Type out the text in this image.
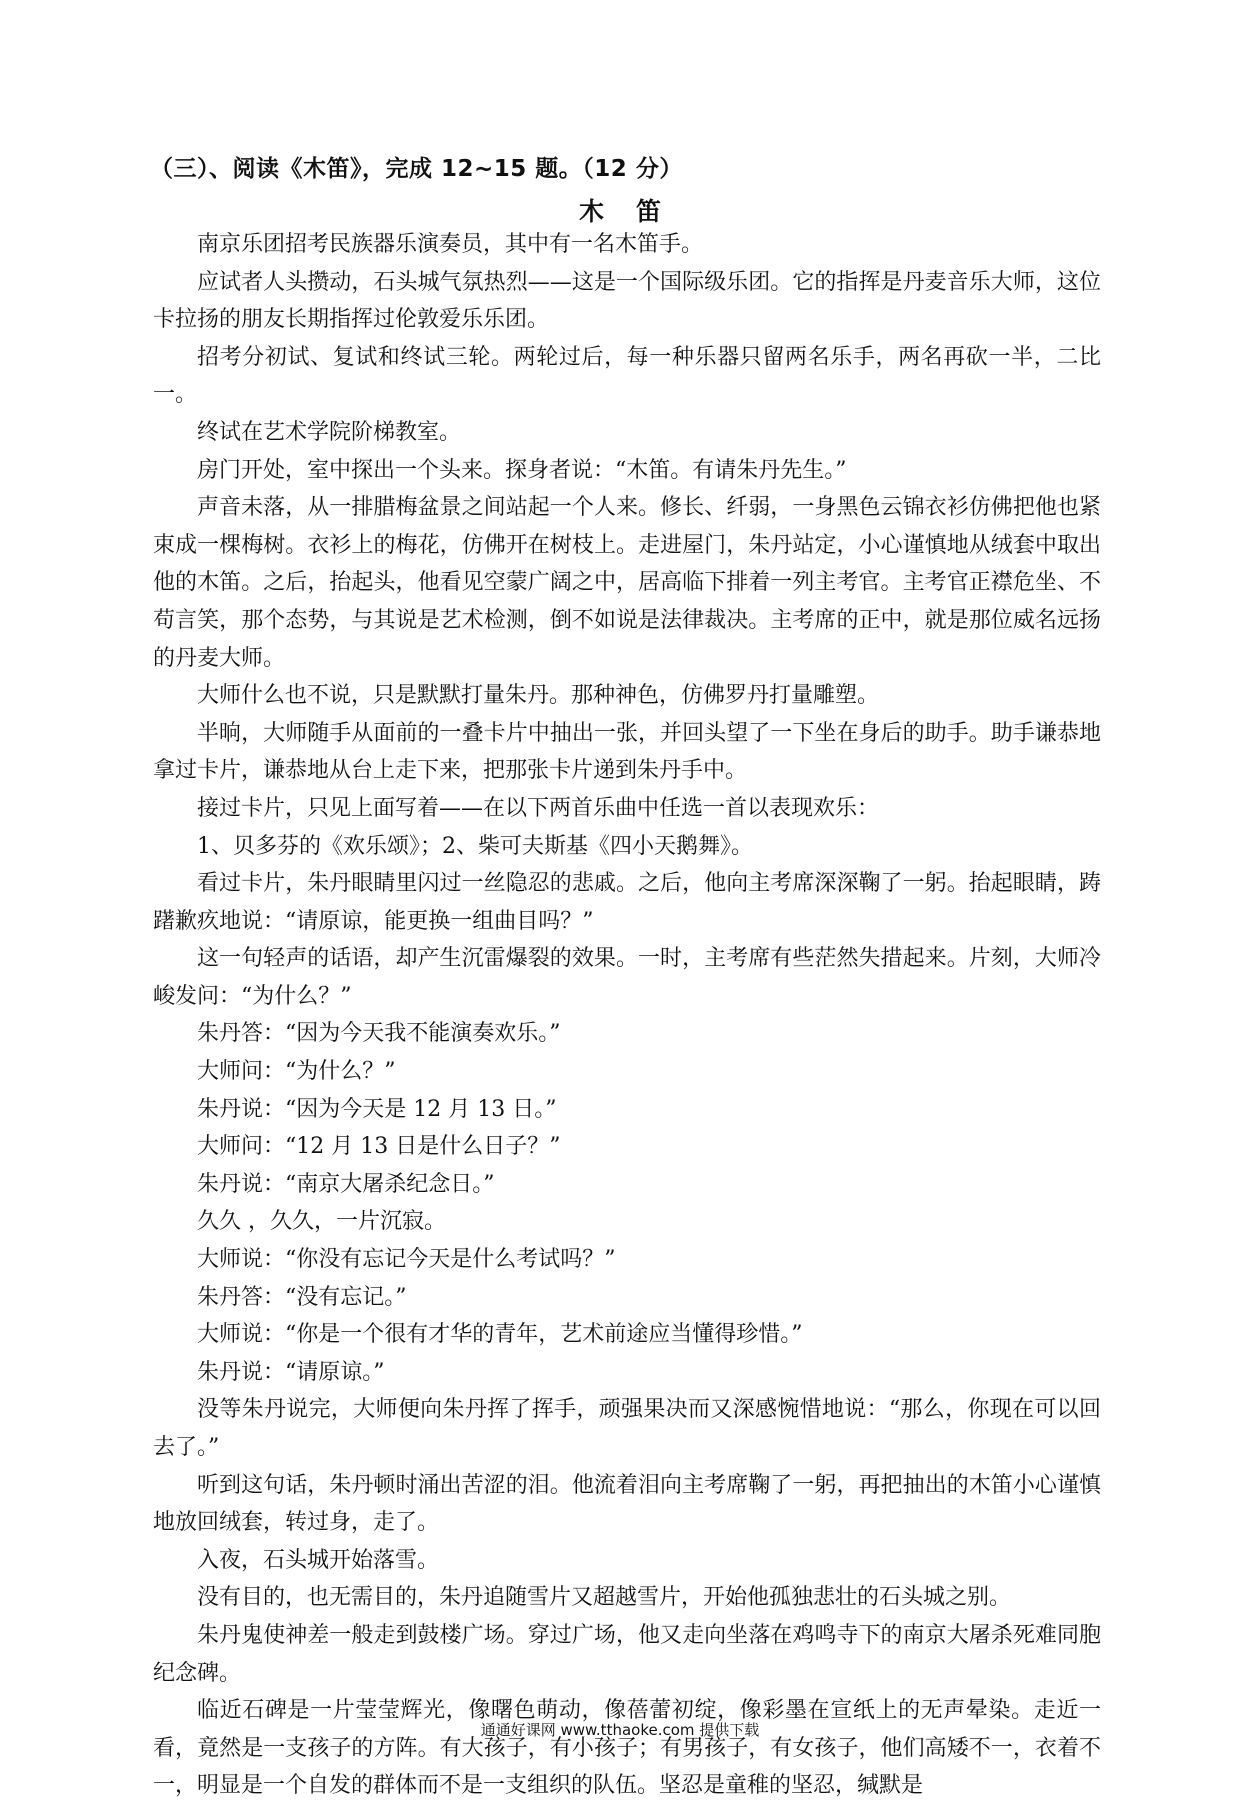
（三）、阅读《木笛》，完成 12~15 题。（12 分）
木笛

南京乐团招考民族器乐演奏员，其中有一名木笛手。

应试者人头攒动，石头城气氛热烈——这是一个国际级乐团。它的指挥是丹麦音乐大师，这位卡拉扬的朋友长期指挥过伦敦爱乐乐团。

招考分初试、复试和终试三轮。两轮过后，每一种乐器只留两名乐手，两名再砍一半，二比一。

终试在艺术学院阶梯教室。

房门开处，室中探出一个头来。探身者说：“木笛。有请朱丹先生。”

声音未落，从一排腊梅盆景之间站起一个人来。修长、纤弱，一身黑色云锦衣衫仿佛把他也紧束成一棵梅树。衣衫上的梅花，仿佛开在树枝上。走进屋门，朱丹站定，小心谨慎地从绒套中取出他的木笛。之后，抬起头，他看见空蒙广阔之中，居高临下排着一列主考官。主考官正襟危坐、不苟言笑，那个态势，与其说是艺术检测，倒不如说是法律裁决。主考席的正中，就是那位威名远扬的丹麦大师。

大师什么也不说，只是默默打量朱丹。那种神色，仿佛罗丹打量雕塑。

半晌，大师随手从面前的一叠卡片中抽出一张，并回头望了一下坐在身后的助手。助手谦恭地拿过卡片，谦恭地从台上走下来，把那张卡片递到朱丹手中。

接过卡片，只见上面写着——在以下两首乐曲中任选一首以表现欢乐：

1、贝多芬的《欢乐颂》；2、柴可夫斯基《四小天鹅舞》。

看过卡片，朱丹眼睛里闪过一丝隐忍的悲戚。之后，他向主考席深深鞠了一躬。抬起眼睛，踌躇歉疚地说：“请原谅，能更换一组曲目吗？”

这一句轻声的话语，却产生沉雷爆裂的效果。一时，主考席有些茫然失措起来。片刻，大师冷峻发问：“为什么？”

朱丹答：“因为今天我不能演奏欢乐。”

大师问：“为什么？”

朱丹说：“因为今天是 12 月 13 日。”

大师问：“12 月 13 日是什么日子？”

朱丹说：“南京大屠杀纪念日。”

久久 ，久久，一片沉寂。

大师说：“你没有忘记今天是什么考试吗？”

朱丹答：“没有忘记。”

大师说：“你是一个很有才华的青年，艺术前途应当懂得珍惜。”

朱丹说：“请原谅。”

没等朱丹说完，大师便向朱丹挥了挥手，顽强果决而又深感惋惜地说：“那么，你现在可以回去了。”

听到这句话，朱丹顿时涌出苦涩的泪。他流着泪向主考席鞠了一躬，再把抽出的木笛小心谨慎地放回绒套，转过身，走了。

入夜，石头城开始落雪。

没有目的，也无需目的，朱丹追随雪片又超越雪片，开始他孤独悲壮的石头城之别。

朱丹鬼使神差一般走到鼓楼广场。穿过广场，他又走向坐落在鸡鸣寺下的南京大屠杀死难同胞纪念碑。

临近石碑是一片莹莹辉光，像曙色萌动，像蓓蕾初绽，像彩墨在宣纸上的无声晕染。走近一看，竟然是一支孩子的方阵。有大孩子，有小孩子；有男孩子，有女孩子，他们高矮不一，衣着不一，明显是一个自发的群体而不是一支组织的队伍。坚忍是童稚的坚忍，缄默是

通通好课网 www.tthaoke.com 提供下载
